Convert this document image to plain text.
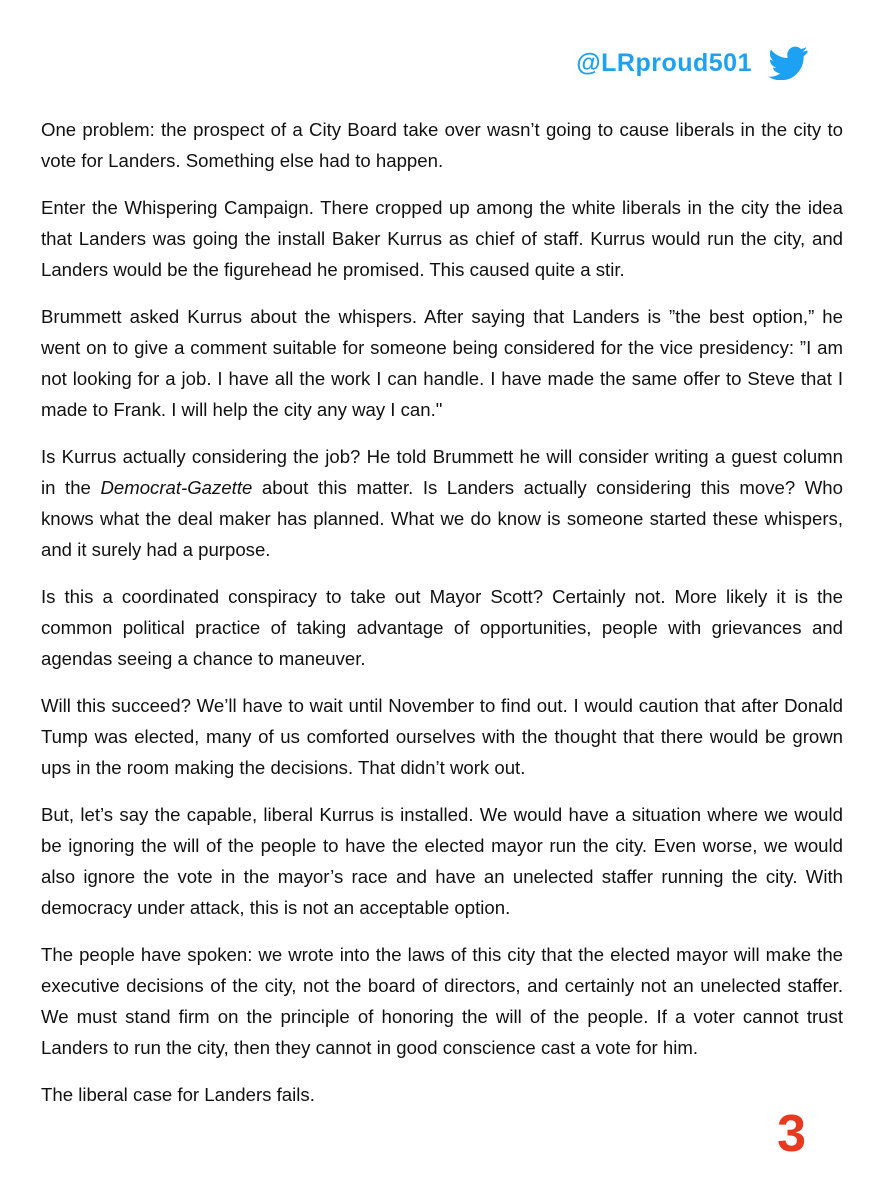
@LRproud501

One problem: the prospect of a City Board take over wasn’t going to cause liberals in the city to vote for Landers. Something else had to happen.

Enter the Whispering Campaign. There cropped up among the white liberals in the city the idea that Landers was going the install Baker Kurrus as chief of staff. Kurrus would run the city, and Landers would be the figurehead he promised. This caused quite a stir.

Brummett asked Kurrus about the whispers. After saying that Landers is ”the best option,” he went on to give a comment suitable for someone being considered for the vice presidency: ”I am not looking for a job. I have all the work I can handle. I have made the same offer to Steve that I made to Frank. I will help the city any way I can."

Is Kurrus actually considering the job? He told Brummett he will consider writing a guest column in the Democrat-Gazette about this matter. Is Landers actually considering this move? Who knows what the deal maker has planned. What we do know is someone started these whispers, and it surely had a purpose.

Is this a coordinated conspiracy to take out Mayor Scott? Certainly not. More likely it is the common political practice of taking advantage of opportunities, people with grievances and agendas seeing a chance to maneuver.

Will this succeed? We’ll have to wait until November to find out. I would caution that after Donald Tump was elected, many of us comforted ourselves with the thought that there would be grown ups in the room making the decisions. That didn’t work out.

But, let’s say the capable, liberal Kurrus is installed. We would have a situation where we would be ignoring the will of the people to have the elected mayor run the city. Even worse, we would also ignore the vote in the mayor’s race and have an unelected staffer running the city. With democracy under attack, this is not an acceptable option.

The people have spoken: we wrote into the laws of this city that the elected mayor will make the executive decisions of the city, not the board of directors, and certainly not an unelected staffer. We must stand firm on the principle of honoring the will of the people. If a voter cannot trust Landers to run the city, then they cannot in good conscience cast a vote for him.

The liberal case for Landers fails.

3
